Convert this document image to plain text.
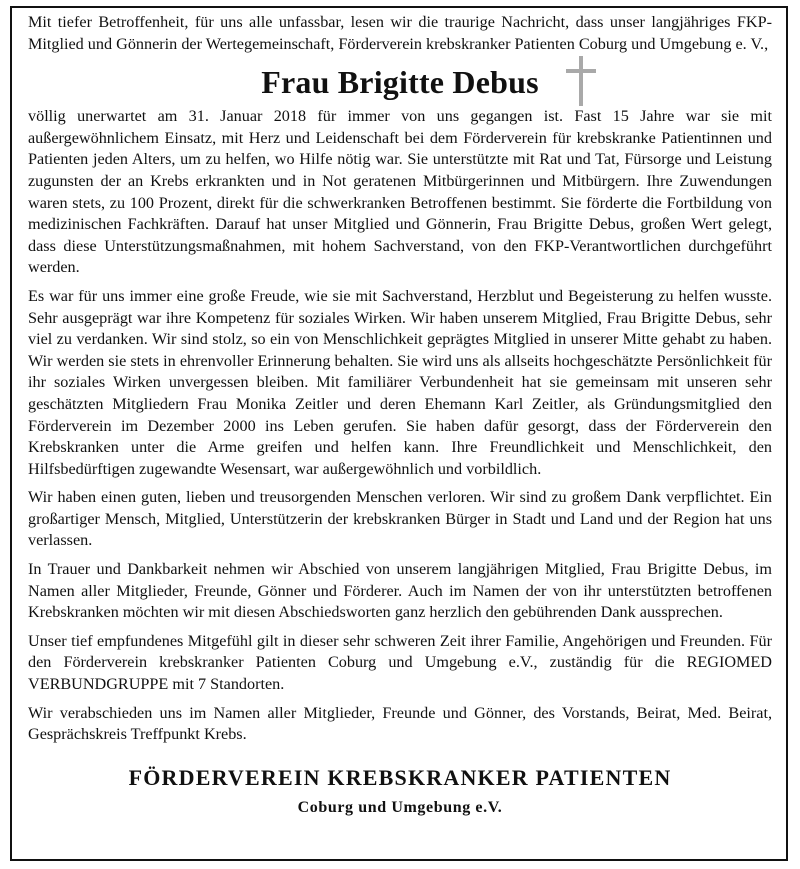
Mit tiefer Betroffenheit, für uns alle unfassbar, lesen wir die traurige Nachricht, dass unser langjähriges FKP-Mitglied und Gönnerin der Wertegemeinschaft, Förderverein krebskranker Patienten Coburg und Umgebung e. V.,

Frau Brigitte Debus

völlig unerwartet am 31. Januar 2018 für immer von uns gegangen ist. Fast 15 Jahre war sie mit außergewöhnlichem Einsatz, mit Herz und Leidenschaft bei dem Förderverein für krebskranke Patientinnen und Patienten jeden Alters, um zu helfen, wo Hilfe nötig war. Sie unterstützte mit Rat und Tat, Fürsorge und Leistung zugunsten der an Krebs erkrankten und in Not geratenen Mitbürgerinnen und Mitbürgern. Ihre Zuwendungen waren stets, zu 100 Prozent, direkt für die schwerkranken Betroffenen bestimmt. Sie förderte die Fortbildung von medizinischen Fachkräften. Darauf hat unser Mitglied und Gönnerin, Frau Brigitte Debus, großen Wert gelegt, dass diese Unterstützungsmaßnahmen, mit hohem Sachverstand, von den FKP-Verantwortlichen durchgeführt werden.

Es war für uns immer eine große Freude, wie sie mit Sachverstand, Herzblut und Begeisterung zu helfen wusste. Sehr ausgeprägt war ihre Kompetenz für soziales Wirken. Wir haben unserem Mitglied, Frau Brigitte Debus, sehr viel zu verdanken. Wir sind stolz, so ein von Menschlichkeit geprägtes Mitglied in unserer Mitte gehabt zu haben. Wir werden sie stets in ehrenvoller Erinnerung behalten. Sie wird uns als allseits hochgeschätzte Persönlichkeit für ihr soziales Wirken unvergessen bleiben. Mit familiärer Verbundenheit hat sie gemeinsam mit unseren sehr geschätzten Mitgliedern Frau Monika Zeitler und deren Ehemann Karl Zeitler, als Gründungsmitglied den Förderverein im Dezember 2000 ins Leben gerufen. Sie haben dafür gesorgt, dass der Förderverein den Krebskranken unter die Arme greifen und helfen kann. Ihre Freundlichkeit und Menschlichkeit, den Hilfsbedürftigen zugewandte Wesensart, war außergewöhnlich und vorbildlich.

Wir haben einen guten, lieben und treusorgenden Menschen verloren. Wir sind zu großem Dank verpflichtet. Ein großartiger Mensch, Mitglied, Unterstützerin der krebskranken Bürger in Stadt und Land und der Region hat uns verlassen.

In Trauer und Dankbarkeit nehmen wir Abschied von unserem langjährigen Mitglied, Frau Brigitte Debus, im Namen aller Mitglieder, Freunde, Gönner und Förderer. Auch im Namen der von ihr unterstützten betroffenen Krebskranken möchten wir mit diesen Abschiedsworten ganz herzlich den gebührenden Dank aussprechen.

Unser tief empfundenes Mitgefühl gilt in dieser sehr schweren Zeit ihrer Familie, Angehörigen und Freunden. Für den Förderverein krebskranker Patienten Coburg und Umgebung e.V., zuständig für die REGIOMED VERBUNDGRUPPE mit 7 Standorten.

Wir verabschieden uns im Namen aller Mitglieder, Freunde und Gönner, des Vorstands, Beirat, Med. Beirat, Gesprächskreis Treffpunkt Krebs.

FÖRDERVEREIN KREBSKRANKER PATIENTEN
Coburg und Umgebung e.V.
